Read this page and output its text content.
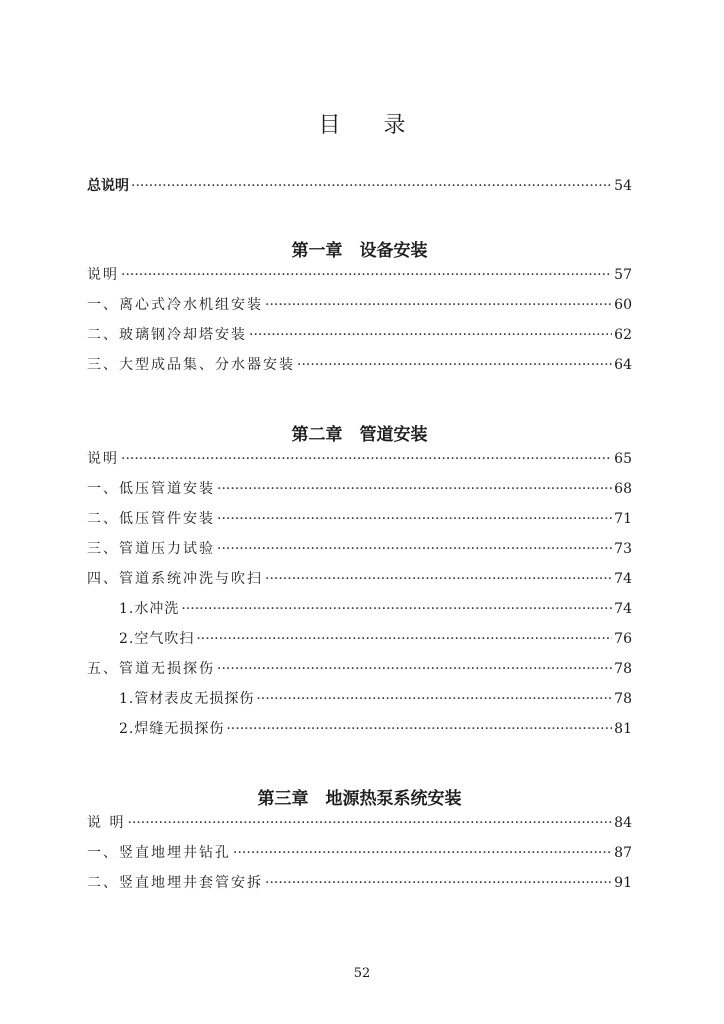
目 录
总说明 ·····	54
第一章　设备安装
说明 ·····	57
一、离心式冷水机组安装 ·····	60
二、玻璃钢冷却塔安装 ·····	62
三、大型成品集、分水器安装 ·····	64
第二章　管道安装
说明 ·····	65
一、低压管道安装 ·····	68
二、低压管件安装 ·····	71
三、管道压力试验 ·····	73
四、管道系统冲洗与吹扫 ·····	74
1.水冲洗 ·····	74
2.空气吹扫 ·····	76
五、管道无损探伤 ·····	78
1.管材表皮无损探伤 ·····	78
2.焊缝无损探伤 ·····	81
第三章　地源热泵系统安装
说 明 ·····	84
一、竖直地埋井钻孔 ·····	87
二、竖直地埋井套管安拆 ·····	91
52
